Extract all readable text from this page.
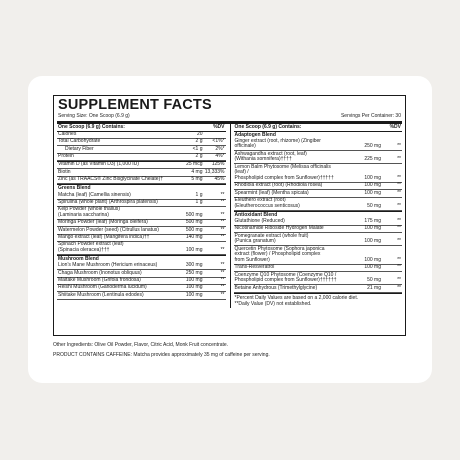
SUPPLEMENT FACTS
Serving Size: One Scoop (6.9 g)	Servings Per Container: 30
One Scoop (6.9 g) Contains:	%DV
Calories	20
Total Carbohydrate	2 g	<1%*
Dietary Fiber	<1 g	2%*
Protein	2 g	4%*
Vitamin D (as Vitamin D3) (1,000 IU)	25 mcg	125%
Biotin	4 mg 13,333%
Zinc (as TRAACS® Zinc Bisglycinate Chelate)†	5 mg	45%
Greens Blend
Matcha (leaf) (Camellia sinensis)	1 g	**
Spirulina (whole plant) (Arthrospira platensis)	1 g	**
Kelp Powder (whole thallus)
(Laminaria saccharina)	500 mg	**
Moringa Powder (leaf) (Moringa oleifera)	500 mg	**
Watermelon Powder (seed) (Citrullus lanatus)	500 mg	**
Mango extract (leaf) (Mangifera indica)††	140 mg	**
Spinach Powder extract (leaf)
(Spinacia oleracea)†††	100 mg	**
Mushroom Blend
Lion's Mane Mushroom (Hericium erinaceus)	300 mg	**
Chaga Mushroom (Inonotus obliquus)	250 mg	**
Maitake Mushroom (Grifola frondosa)	100 mg	**
Reishi Mushroom (Ganoderma lucidum)	100 mg	**
Shiitake Mushroom (Lentinula edodes)	100 mg	**
One Scoop (6.9 g) Contains:	%DV
Adaptogen Blend
Ginger extract (root, rhizome) (Zingiber officinale)	250 mg	**
Ashwagandha extract (root, leaf)
(Withania somnifera)††††	225 mg	**
Lemon Balm Phytosome (Melissa officinalis (leaf) /
Phospholipid complex from Sunflower)†††††	100 mg	**
Rhodiola extract (root) (Rhodiola rosea)	100 mg	**
Spearmint (leaf) (Mentha spicata)	100 mg	**
Eleuthero extract (root)
(Eleutherococcus senticosus)	50 mg	**
Antioxidant Blend
Glutathione (Reduced)	175 mg	**
Nicotinamide Riboside Hydrogen Malate	100 mg	**
Pomegranate extract (whole fruit)
(Punica granatum)	100 mg	**
Quercetin Phytosome (Sophora japonica
extract (flower) / Phospholipid complex
from Sunflower)	100 mg	**
Trans-Resveratrol	100 mg	**
Coenzyme Q10 Phytosome (Coenzyme Q10 /
Phospholipid complex from Sunflower)††††††	50 mg	**
Betaine Anhydrous (Trimethylglycine)	21 mg	**
*Percent Daily Values are based on a 2,000 calorie diet.
**Daily Value (DV) not established.
Other Ingredients: Olive Oil Powder, Flavor, Citric Acid, Monk Fruit concentrate.
PRODUCT CONTAINS CAFFEINE: Matcha provides approximately 35 mg of caffeine per serving.
